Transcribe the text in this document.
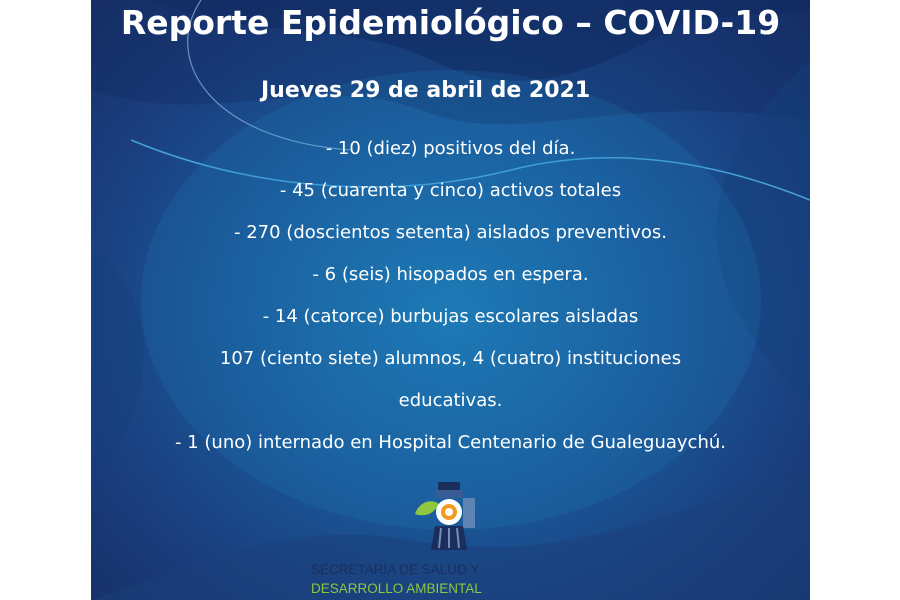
Reporte Epidemiológico – COVID-19
Jueves 29 de abril de 2021
- 10 (diez) positivos del día.
- 45 (cuarenta y cinco) activos totales
- 270 (doscientos setenta) aislados preventivos.
- 6 (seis) hisopados en espera.
- 14 (catorce) burbujas escolares aisladas
107 (ciento siete) alumnos, 4 (cuatro) instituciones
educativas.
- 1 (uno) internado en Hospital Centenario de Gualeguaychú.
SECRETARÍA DE SALUD Y
DESARROLLO AMBIENTAL
